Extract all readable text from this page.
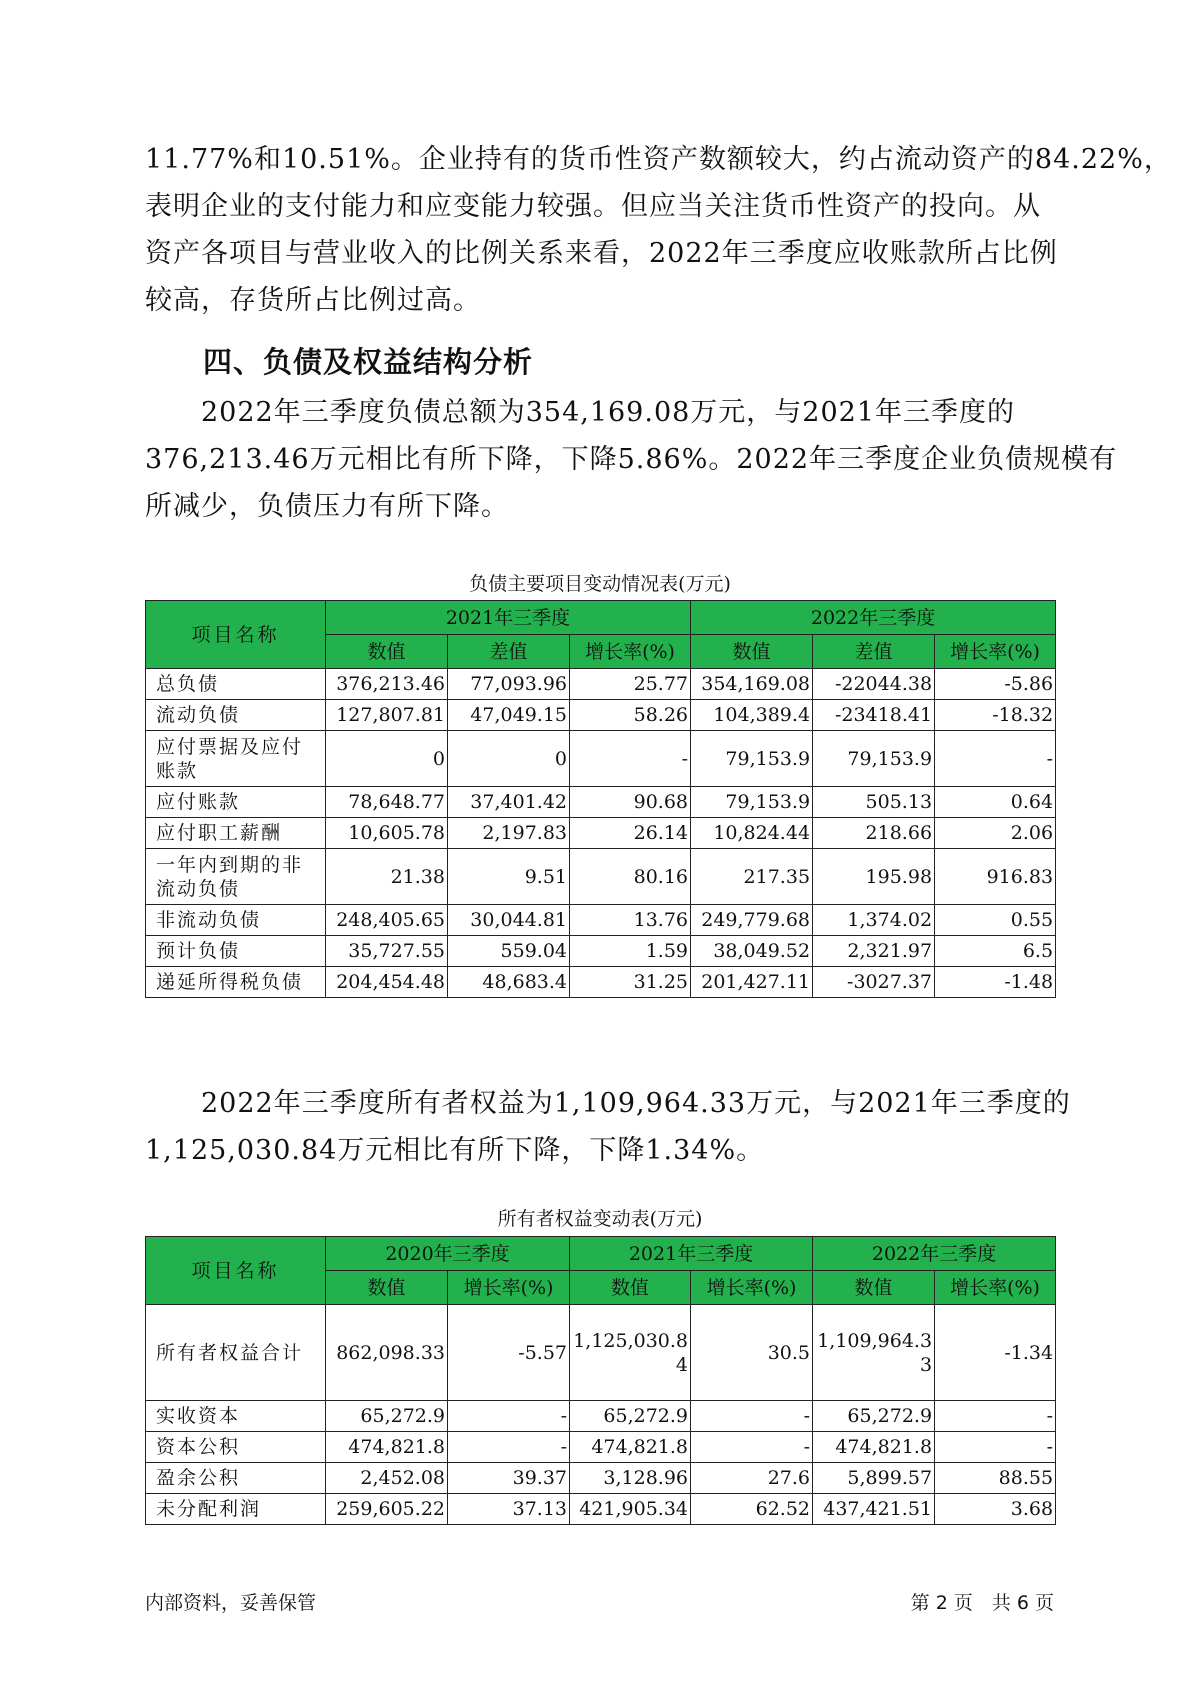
11.77%和10.51%。企业持有的货币性资产数额较大，约占流动资产的84.22%，
表明企业的支付能力和应变能力较强。但应当关注货币性资产的投向。从
资产各项目与营业收入的比例关系来看，2022年三季度应收账款所占比例
较高，存货所占比例过高。
四、负债及权益结构分析
　　2022年三季度负债总额为354,169.08万元，与2021年三季度的
376,213.46万元相比有所下降，下降5.86%。2022年三季度企业负债规模有
所减少，负债压力有所下降。
负债主要项目变动情况表(万元)
项目名称	2021年三季度			2022年三季度		
	数值	差值	增长率(%)	数值	差值	增长率(%)
总负债	376,213.46	77,093.96	25.77	354,169.08	-22044.38	-5.86
流动负债	127,807.81	47,049.15	58.26	104,389.4	-23418.41	-18.32
应付票据及应付账款	0	0	-	79,153.9	79,153.9	-
应付账款	78,648.77	37,401.42	90.68	79,153.9	505.13	0.64
应付职工薪酬	10,605.78	2,197.83	26.14	10,824.44	218.66	2.06
一年内到期的非流动负债	21.38	9.51	80.16	217.35	195.98	916.83
非流动负债	248,405.65	30,044.81	13.76	249,779.68	1,374.02	0.55
预计负债	35,727.55	559.04	1.59	38,049.52	2,321.97	6.5
递延所得税负债	204,454.48	48,683.4	31.25	201,427.11	-3027.37	-1.48
　　2022年三季度所有者权益为1,109,964.33万元，与2021年三季度的
1,125,030.84万元相比有所下降，下降1.34%。
所有者权益变动表(万元)
项目名称	2020年三季度		2021年三季度		2022年三季度	
	数值	增长率(%)	数值	增长率(%)	数值	增长率(%)
所有者权益合计	862,098.33	-5.57	1,125,030.84	30.5	1,109,964.33	-1.34
实收资本	65,272.9	-	65,272.9	-	65,272.9	-
资本公积	474,821.8	-	474,821.8	-	474,821.8	-
盈余公积	2,452.08	39.37	3,128.96	27.6	5,899.57	88.55
未分配利润	259,605.22	37.13	421,905.34	62.52	437,421.51	3.68
内部资料，妥善保管	第 2 页　共 6 页
